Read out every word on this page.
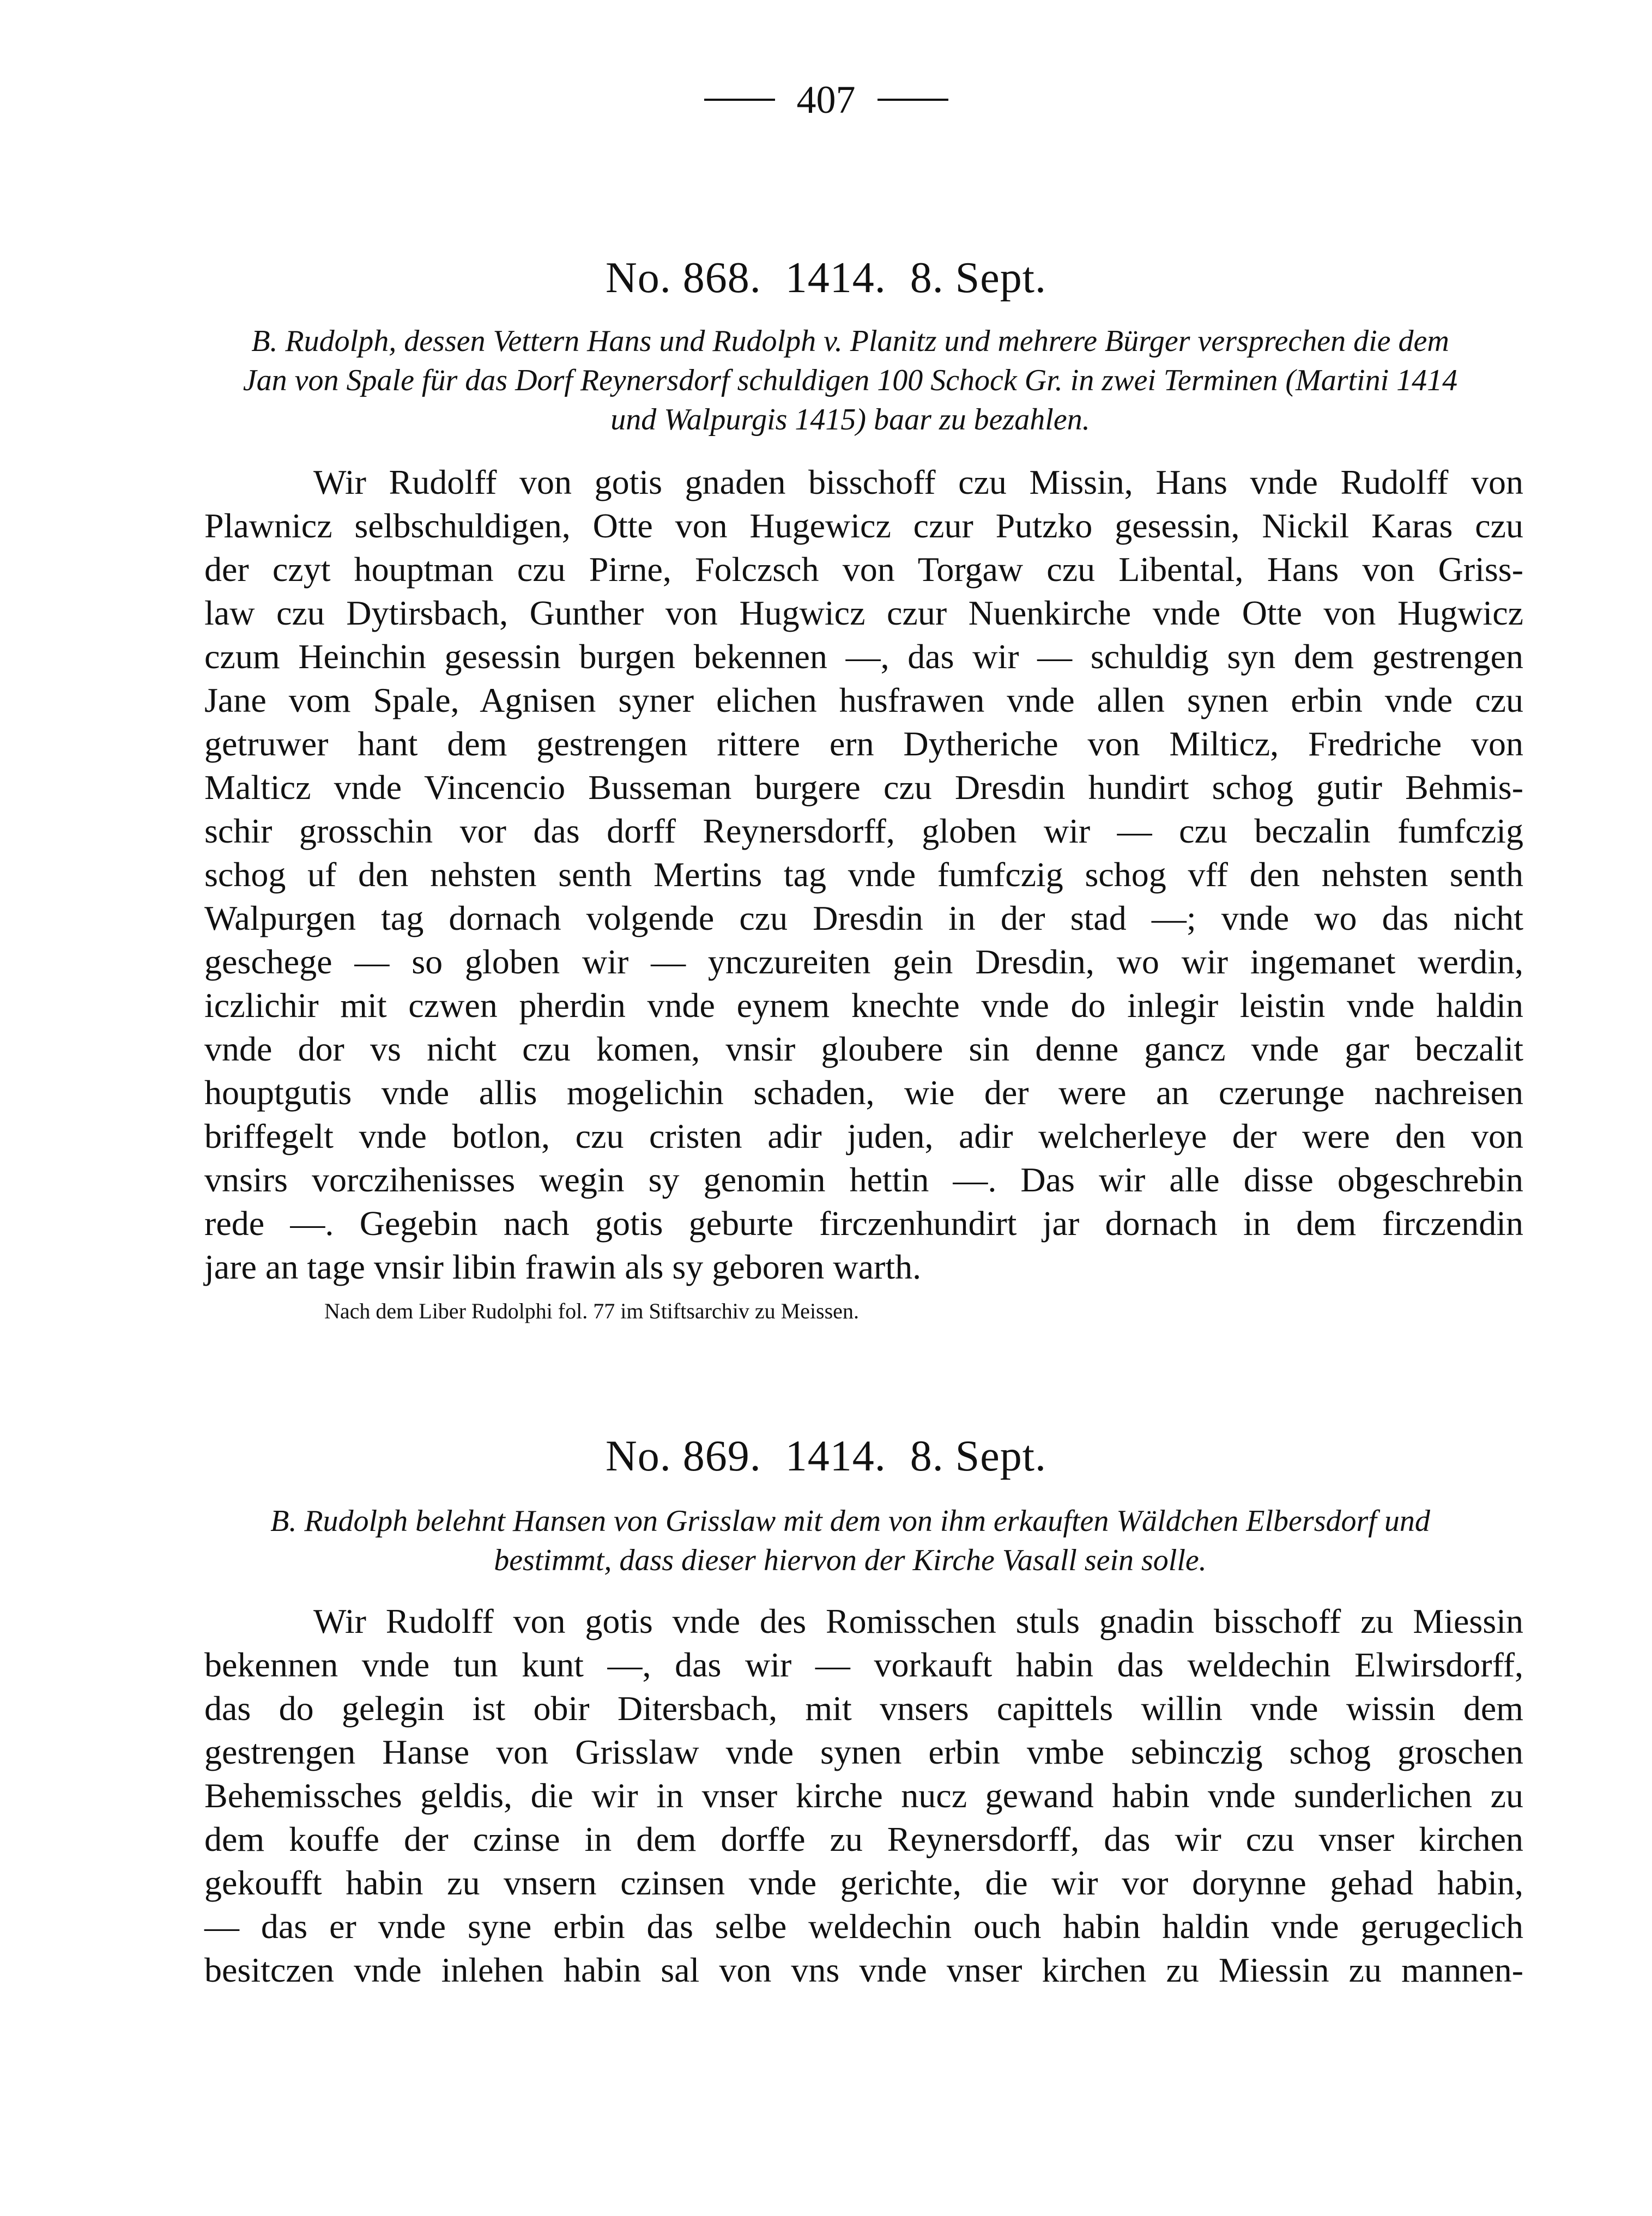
407
No. 868. 1414. 8. Sept.

B. Rudolph, dessen Vettern Hans und Rudolph v. Planitz und mehrere Bürger versprechen die dem
Jan von Spale für das Dorf Reynersdorf schuldigen 100 Schock Gr. in zwei Terminen (Martini 1414
und Walpurgis 1415) baar zu bezahlen.

Wir Rudolff von gotis gnaden bisschoff czu Missin, Hans vnde Rudolff von
Plawnicz selbschuldigen, Otte von Hugewicz czur Putzko gesessin, Nickil Karas czu
der czyt houptman czu Pirne, Folczsch von Torgaw czu Libental, Hans von Griss-
law czu Dytirsbach, Gunther von Hugwicz czur Nuenkirche vnde Otte von Hugwicz
czum Heinchin gesessin burgen bekennen —, das wir — schuldig syn dem gestrengen
Jane vom Spale, Agnisen syner elichen husfrawen vnde allen synen erbin vnde czu
getruwer hant dem gestrengen rittere ern Dytheriche von Milticz, Fredriche von
Malticz vnde Vincencio Busseman burgere czu Dresdin hundirt schog gutir Behmis-
schir grosschin vor das dorff Reynersdorff, globen wir — czu beczalin fumfczig
schog uf den nehsten senth Mertins tag vnde fumfczig schog vff den nehsten senth
Walpurgen tag dornach volgende czu Dresdin in der stad —; vnde wo das nicht
geschege — so globen wir — ynczureiten gein Dresdin, wo wir ingemanet werdin,
iczlichir mit czwen pherdin vnde eynem knechte vnde do inlegir leistin vnde haldin
vnde dor vs nicht czu komen, vnsir gloubere sin denne gancz vnde gar beczalit
houptgutis vnde allis mogelichin schaden, wie der were an czerunge nachreisen
briffegelt vnde botlon, czu cristen adir juden, adir welcherleye der were den von
vnsirs vorczihenisses wegin sy genomin hettin —. Das wir alle disse obgeschrebin
rede —. Gegebin nach gotis geburte firczenhundirt jar dornach in dem firczendin
jare an tage vnsir libin frawin als sy geboren warth.

Nach dem Liber Rudolphi fol. 77 im Stiftsarchiv zu Meissen.

No. 869. 1414. 8. Sept.

B. Rudolph belehnt Hansen von Grisslaw mit dem von ihm erkauften Wäldchen Elbersdorf und
bestimmt, dass dieser hiervon der Kirche Vasall sein solle.

Wir Rudolff von gotis vnde des Romisschen stuls gnadin bisschoff zu Miessin
bekennen vnde tun kunt —, das wir — vorkauft habin das weldechin Elwirsdorff,
das do gelegin ist obir Ditersbach, mit vnsers capittels willin vnde wissin dem
gestrengen Hanse von Grisslaw vnde synen erbin vmbe sebinczig schog groschen
Behemissches geldis, die wir in vnser kirche nucz gewand habin vnde sunderlichen zu
dem kouffe der czinse in dem dorffe zu Reynersdorff, das wir czu vnser kirchen
gekoufft habin zu vnsern czinsen vnde gerichte, die wir vor dorynne gehad habin,
— das er vnde syne erbin das selbe weldechin ouch habin haldin vnde gerugeclich
besitczen vnde inlehen habin sal von vns vnde vnser kirchen zu Miessin zu mannen-
